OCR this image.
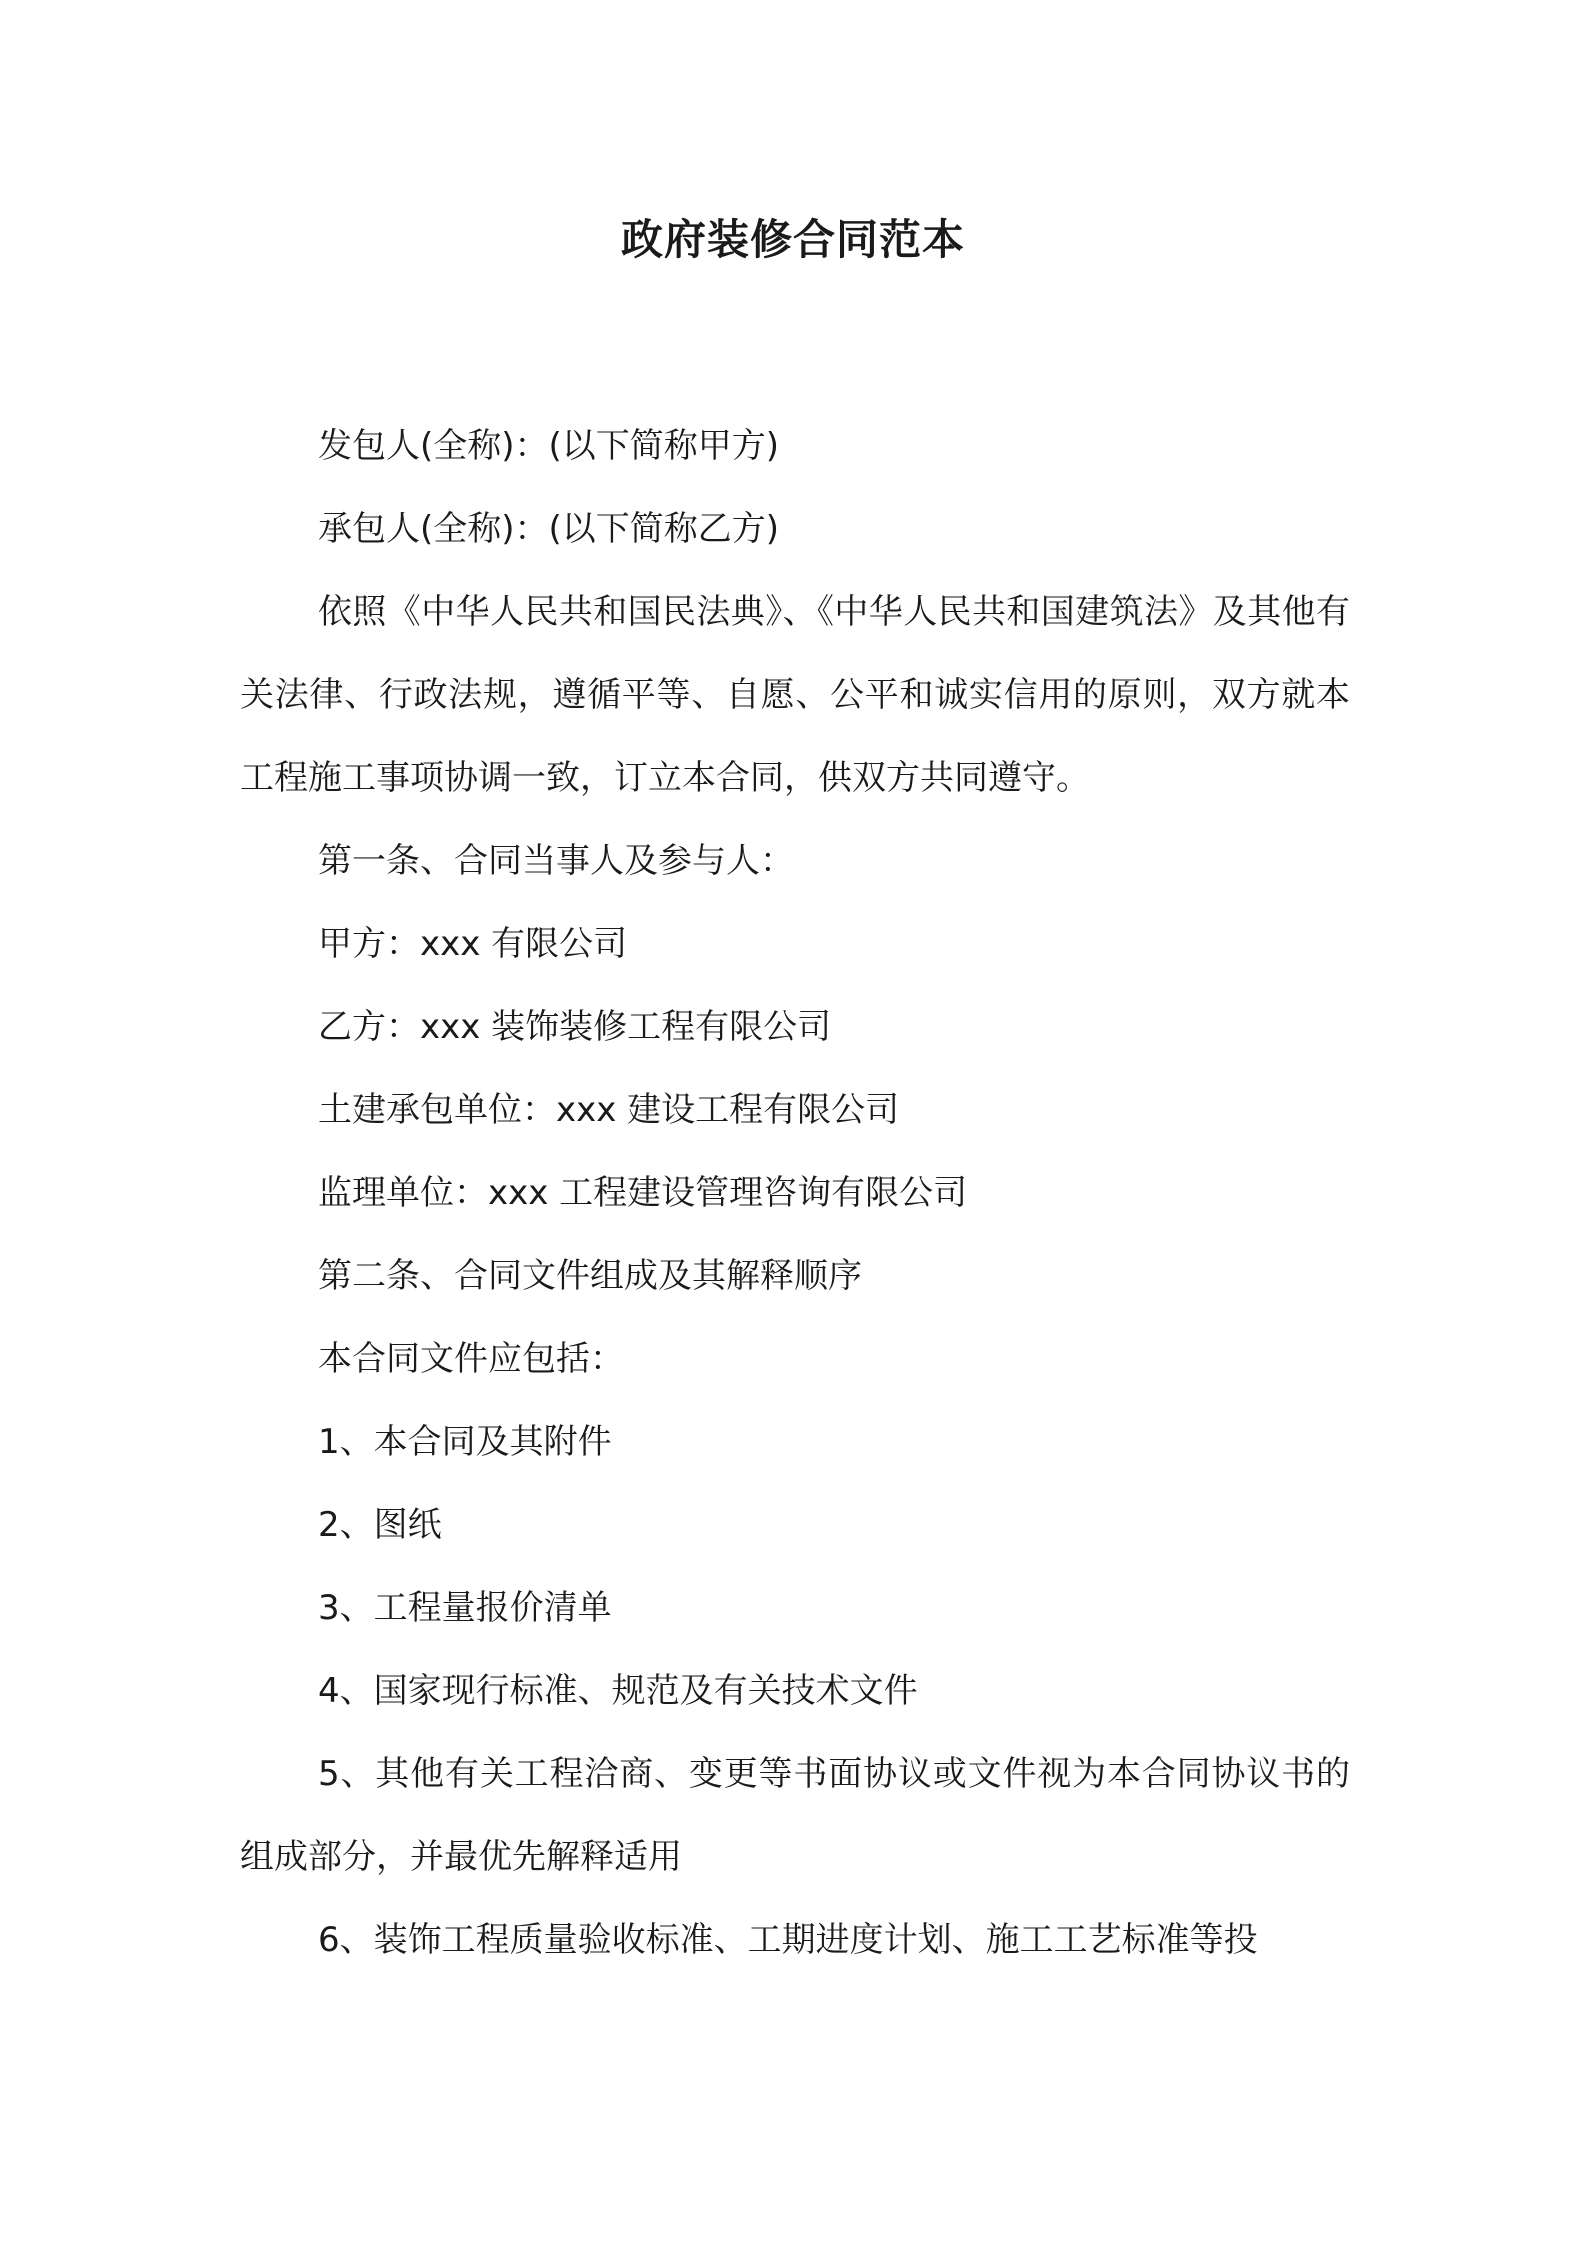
政府装修合同范本

发包人(全称)：(以下简称甲方)

承包人(全称)：(以下简称乙方)

依照《中华人民共和国民法典》、《中华人民共和国建筑法》及其他有关法律、行政法规，遵循平等、自愿、公平和诚实信用的原则，双方就本工程施工事项协调一致，订立本合同，供双方共同遵守。

第一条、合同当事人及参与人：

甲方：xxx 有限公司

乙方：xxx 装饰装修工程有限公司

土建承包单位：xxx 建设工程有限公司

监理单位：xxx 工程建设管理咨询有限公司

第二条、合同文件组成及其解释顺序

本合同文件应包括：

1、本合同及其附件

2、图纸

3、工程量报价清单

4、国家现行标准、规范及有关技术文件

5、其他有关工程洽商、变更等书面协议或文件视为本合同协议书的组成部分，并最优先解释适用

6、装饰工程质量验收标准、工期进度计划、施工工艺标准等投
